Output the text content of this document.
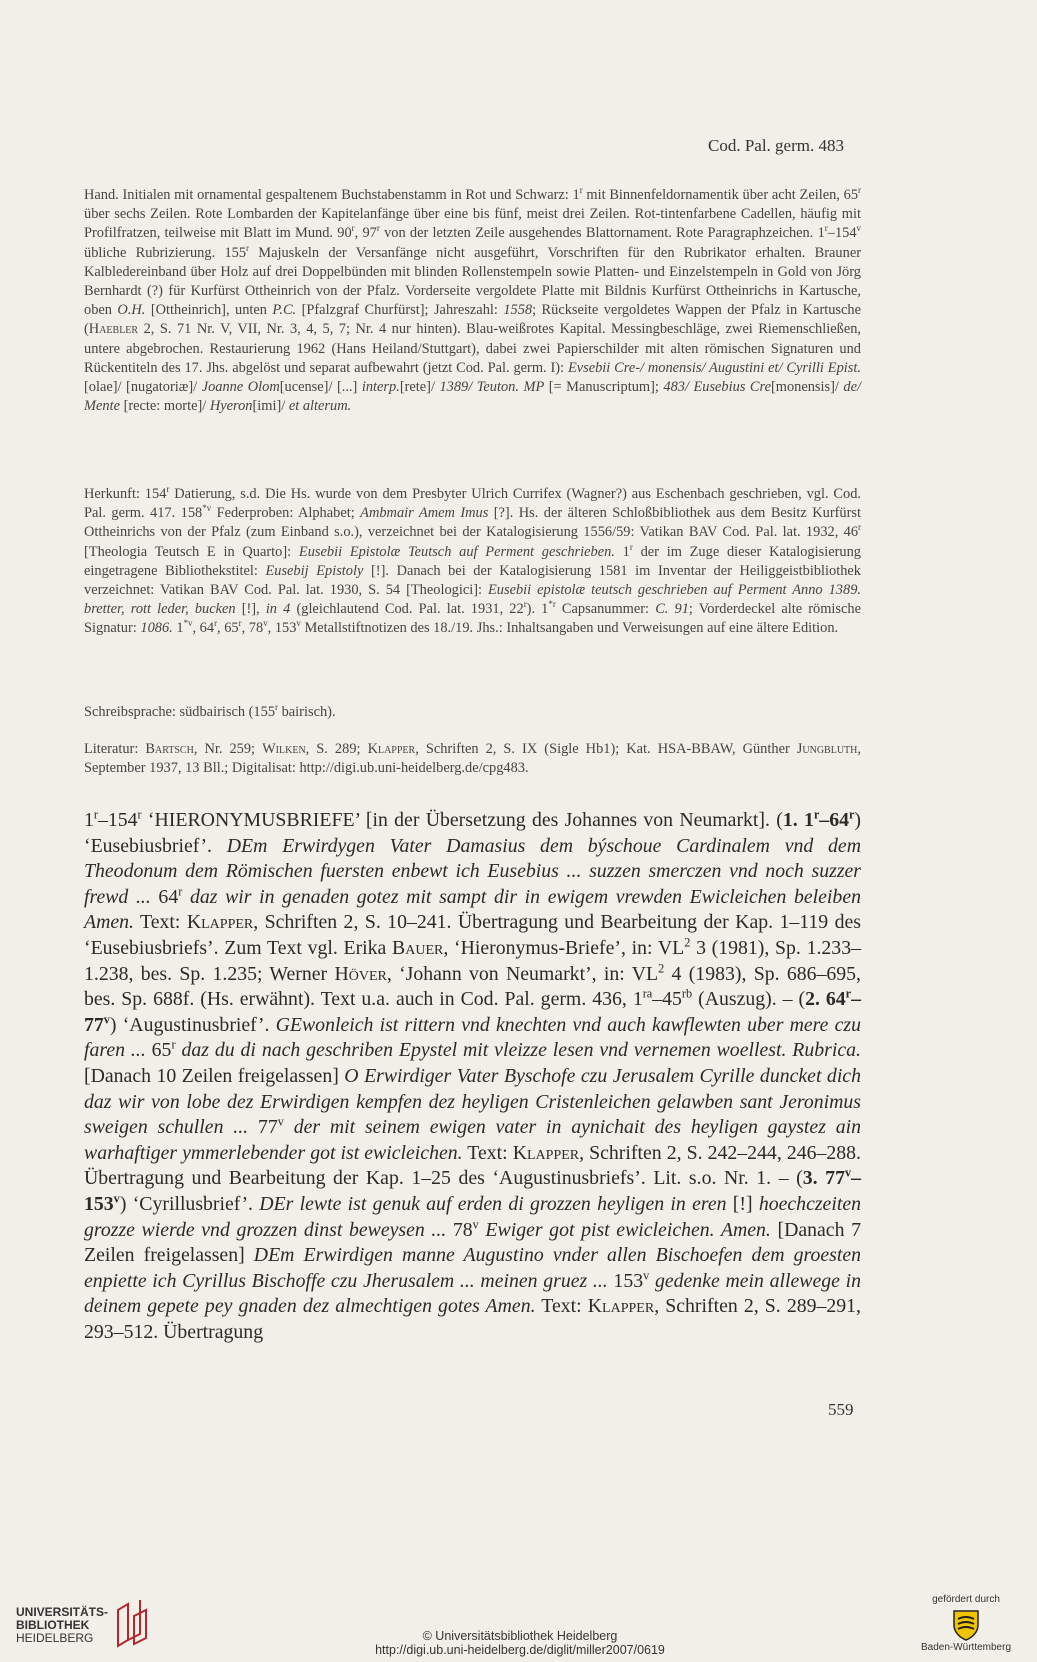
Cod. Pal. germ. 483
Hand. Initialen mit ornamental gespaltenem Buchstabenstamm in Rot und Schwarz: 1$^r$ mit Binnenfeldornamentik über acht Zeilen, 65$^r$ über sechs Zeilen. Rote Lombarden der Kapitelanfänge über eine bis fünf, meist drei Zeilen. Rot-tintenfarbene Cadellen, häufig mit Profilfratzen, teilweise mit Blatt im Mund. 90$^r$, 97$^r$ von der letzten Zeile ausgehendes Blattornament. Rote Paragraphzeichen. 1$^r$–154$^v$ übliche Rubrizierung. 155$^r$ Majuskeln der Versanfänge nicht ausgeführt, Vorschriften für den Rubrikator erhalten. Brauner Kalbledereinband über Holz auf drei Doppelbünden mit blinden Rollenstempeln sowie Platten- und Einzelstempeln in Gold von Jörg Bernhardt (?) für Kurfürst Ottheinrich von der Pfalz. Vorderseite vergoldete Platte mit Bildnis Kurfürst Ottheinrichs in Kartusche, oben O.H. [Ottheinrich], unten P.C. [Pfalzgraf Churfürst]; Jahreszahl: 1558; Rückseite vergoldetes Wappen der Pfalz in Kartusche (Haebler 2, S. 71 Nr. V, VII, Nr. 3, 4, 5, 7; Nr. 4 nur hinten). Blau-weißrotes Kapital. Messingbeschläge, zwei Riemenschließen, untere abgebrochen. Restaurierung 1962 (Hans Heiland/Stuttgart), dabei zwei Papierschilder mit alten römischen Signaturen und Rückentiteln des 17. Jhs. abgelöst und separat aufbewahrt (jetzt Cod. Pal. germ. I): Evsebii Cre-/ monensis/ Augustini et/ Cyrilli Epist.[olae]/ [nugatoriæ]/ Joanne Olom[ucense]/ [...] interp.[rete]/ 1389/ Teuton. MP [= Manuscriptum]; 483/ Eusebius Cre[monensis]/ de/ Mente [recte: morte]/ Hyeron[imi]/ et alterum.
Herkunft: 154$^r$ Datierung, s.d. Die Hs. wurde von dem Presbyter Ulrich Currifex (Wagner?) aus Eschenbach geschrieben, vgl. Cod. Pal. germ. 417. 158$^{*v}$ Federproben: Alphabet; Ambmair Amem Imus [?]. Hs. der älteren Schloßbibliothek aus dem Besitz Kurfürst Ottheinrichs von der Pfalz (zum Einband s.o.), verzeichnet bei der Katalogisierung 1556/59: Vatikan BAV Cod. Pal. lat. 1932, 46$^r$ [Theologia Teutsch E in Quarto]: Eusebii Epistolæ Teutsch auf Perment geschrieben. 1$^r$ der im Zuge dieser Katalogisierung eingetragene Bibliothekstitel: Eusebij Epistoly [!]. Danach bei der Katalogisierung 1581 im Inventar der Heiliggeistbibliothek verzeichnet: Vatikan BAV Cod. Pal. lat. 1930, S. 54 [Theologici]: Eusebii epistolæ teutsch geschrieben auf Perment Anno 1389. bretter, rott leder, bucken [!], in 4 (gleichlautend Cod. Pal. lat. 1931, 22$^r$). 1$^{*r}$ Capsanummer: C. 91; Vorderdeckel alte römische Signatur: 1086. 1$^{*v}$, 64$^r$, 65$^r$, 78$^v$, 153$^v$ Metallstiftnotizen des 18./19. Jhs.: Inhaltsangaben und Verweisungen auf eine ältere Edition.
Schreibsprache: südbairisch (155$^r$ bairisch).
Literatur: Bartsch, Nr. 259; Wilken, S. 289; Klapper, Schriften 2, S. IX (Sigle Hb1); Kat. HSA-BBAW, Günther Jungbluth, September 1937, 13 Bll.; Digitalisat: http://digi.ub.uni-heidelberg.de/cpg483.
1$^r$–154$^r$ ‘HIERONYMUSBRIEFE’ [in der Übersetzung des Johannes von Neumarkt]. (1. 1$^r$–64$^r$) ‘Eusebiusbrief’. DEm Erwirdygen Vater Damasius dem býschoue Cardinalem vnd dem Theodonum dem Römischen fuersten enbewt ich Eusebius ... suzzen smerczen vnd noch suzzer frewd ... 64$^r$ daz wir in genaden gotez mit sampt dir in ewigem vrewden Ewicleichen beleiben Amen. Text: Klapper, Schriften 2, S. 10–241. Übertragung und Bearbeitung der Kap. 1–119 des ‘Eusebiusbriefs’. Zum Text vgl. Erika Bauer, ‘Hieronymus-Briefe’, in: $VL^2$ 3 (1981), Sp. 1.233–1.238, bes. Sp. 1.235; Werner Höver, ‘Johann von Neumarkt’, in: $VL^2$ 4 (1983), Sp. 686–695, bes. Sp. 688f. (Hs. erwähnt). Text u.a. auch in Cod. Pal. germ. 436, $1^{ra}-45^{rb}$ (Auszug). – (2. 64$^r$–77$^v$) ‘Augustinusbrief’. GEwonleich ist rittern vnd knechten vnd auch kawflewten uber mere czu faren ... 65$^r$ daz du di nach geschriben Epystel mit vleizze lesen vnd vernemen woellest. Rubrica. [Danach 10 Zeilen freigelassen] O Erwirdiger Vater Byschofe czu Jerusalem Cyrille duncket dich daz wir von lobe dez Erwirdigen kempfen dez heyligen Cristenleichen gelawben sant Jeronimus sweigen schullen ... 77$^v$ der mit seinem ewigen vater in aynichait des heyligen gaystez ain warhaftiger ymmerlebender got ist ewicleichen. Text: Klapper, Schriften 2, S. 242–244, 246–288. Übertragung und Bearbeitung der Kap. 1–25 des ‘Augustinusbriefs’. Lit. s.o. Nr. 1. – (3. 77$^v$–153$^v$) ‘Cyrillusbrief’. DEr lewte ist genuk auf erden di grozzen heyligen in eren [!] hoechczeiten grozze wierde vnd grozzen dinst beweysen ... 78$^v$ Ewiger got pist ewicleichen. Amen. [Danach 7 Zeilen freigelassen] DEm Erwirdigen manne Augustino vnder allen Bischoefen dem groesten enpiette ich Cyrillus Bischoffe czu Jherusalem ... meinen gruez ... 153$^v$ gedenke mein allewege in deinem gepete pey gnaden dez almechtigen gotes Amen. Text: Klapper, Schriften 2, S. 289–291, 293–512. Übertragung
559
UNIVERSITÄTS-
BIBLIOTHEK
HEIDELBERG	© Universitätsbibliothek Heidelberg
http://digi.ub.uni-heidelberg.de/diglit/miller2007/0619
gefördert durch
Baden-Württemberg
